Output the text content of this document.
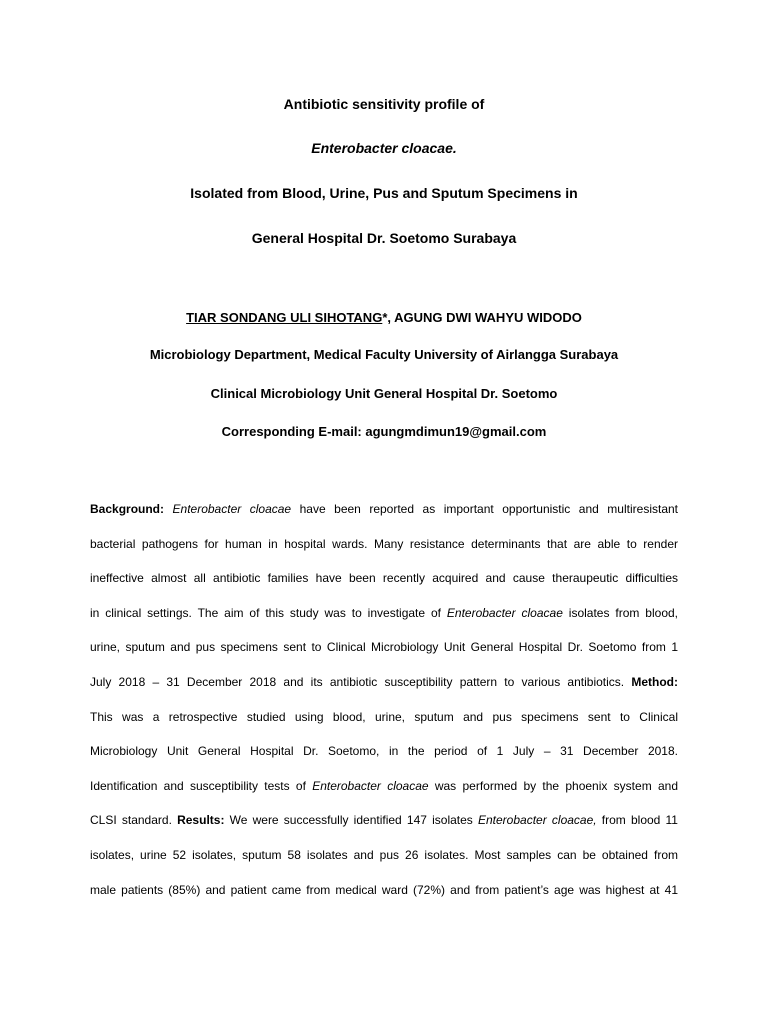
Antibiotic sensitivity profile of
Enterobacter cloacae.
Isolated from Blood, Urine, Pus and Sputum Specimens in
General Hospital Dr. Soetomo Surabaya
TIAR SONDANG ULI SIHOTANG*, AGUNG DWI WAHYU WIDODO
Microbiology Department, Medical Faculty University of Airlangga Surabaya
Clinical Microbiology Unit General Hospital Dr. Soetomo
Corresponding E-mail: agungmdimun19@gmail.com
Background: Enterobacter cloacae have been reported as important opportunistic and multiresistant
bacterial pathogens for human in hospital wards. Many resistance determinants that are able to render
ineffective almost all antibiotic families have been recently acquired and cause theraupeutic difficulties
in clinical settings. The aim of this study was to investigate of Enterobacter cloacae isolates from blood,
urine, sputum and pus specimens sent to Clinical Microbiology Unit General Hospital Dr. Soetomo from 1
July 2018 – 31 December 2018 and its antibiotic susceptibility pattern to various antibiotics. Method:
This was a retrospective studied using blood, urine, sputum and pus specimens sent to Clinical
Microbiology Unit General Hospital Dr. Soetomo, in the period of 1 July – 31 December 2018.
Identification and susceptibility tests of Enterobacter cloacae was performed by the phoenix system and
CLSI standard. Results: We were successfully identified 147 isolates Enterobacter cloacae, from blood 11
isolates, urine 52 isolates, sputum 58 isolates and pus 26 isolates. Most samples can be obtained from
male patients (85%) and patient came from medical ward (72%) and from patient’s age was highest at 41
